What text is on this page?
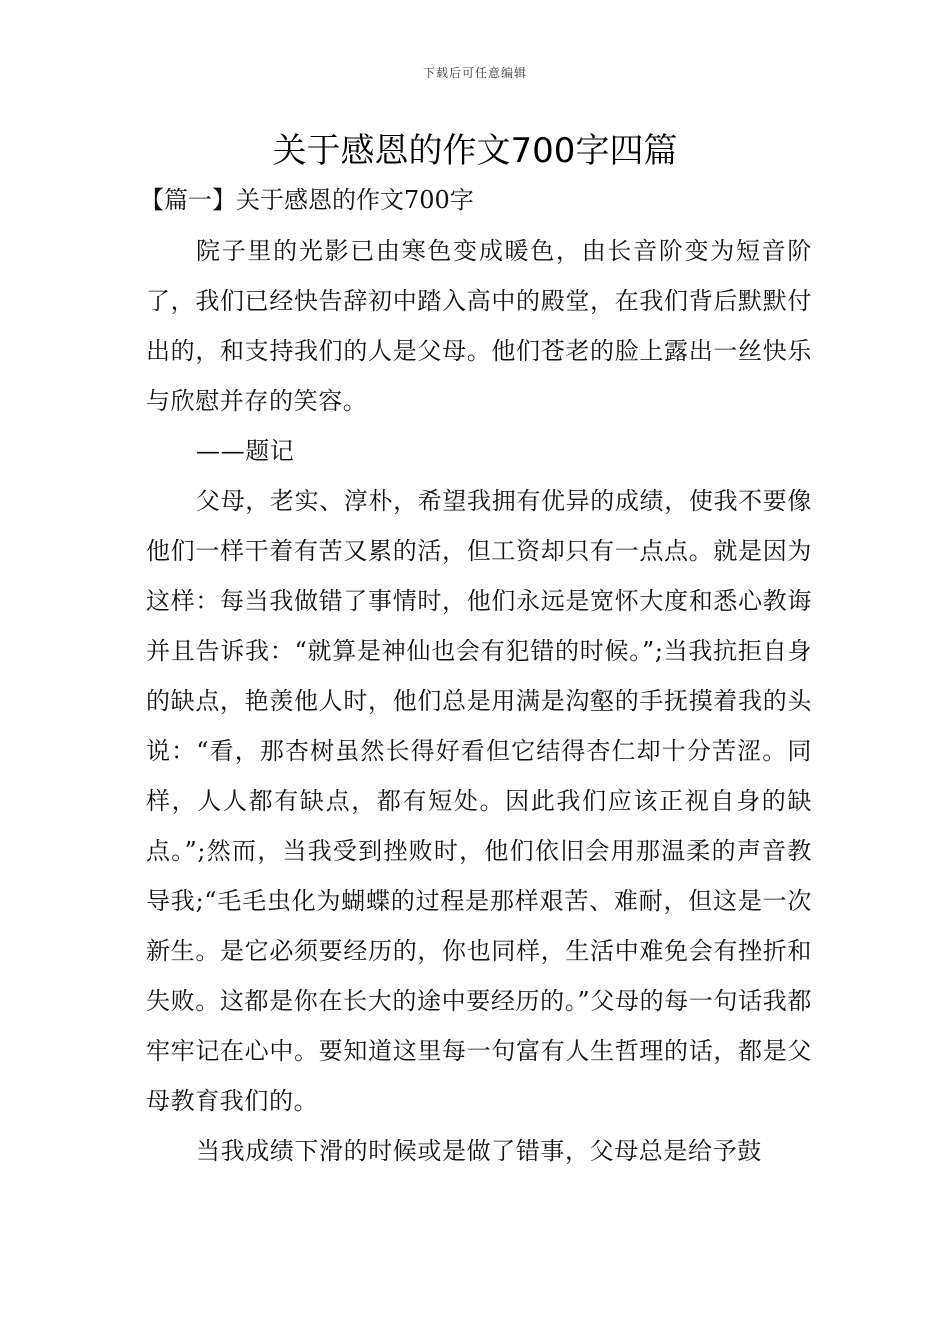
下载后可任意编辑
关于感恩的作文700字四篇
【篇一】关于感恩的作文700字

院子里的光影已由寒色变成暖色，由长音阶变为短音阶了，我们已经快告辞初中踏入高中的殿堂，在我们背后默默付出的，和支持我们的人是父母。他们苍老的脸上露出一丝快乐与欣慰并存的笑容。

——题记

父母，老实、淳朴，希望我拥有优异的成绩，使我不要像他们一样干着有苦又累的活，但工资却只有一点点。就是因为这样：每当我做错了事情时，他们永远是宽怀大度和悉心教诲并且告诉我：“就算是神仙也会有犯错的时候。”;当我抗拒自身的缺点，艳羡他人时，他们总是用满是沟壑的手抚摸着我的头说：“看，那杏树虽然长得好看但它结得杏仁却十分苦涩。同样，人人都有缺点，都有短处。因此我们应该正视自身的缺点。”;然而，当我受到挫败时，他们依旧会用那温柔的声音教导我;“毛毛虫化为蝴蝶的过程是那样艰苦、难耐，但这是一次新生。是它必须要经历的，你也同样，生活中难免会有挫折和失败。这都是你在长大的途中要经历的。”父母的每一句话我都牢牢记在心中。要知道这里每一句富有人生哲理的话，都是父母教育我们的。

当我成绩下滑的时候或是做了错事，父母总是给予鼓
